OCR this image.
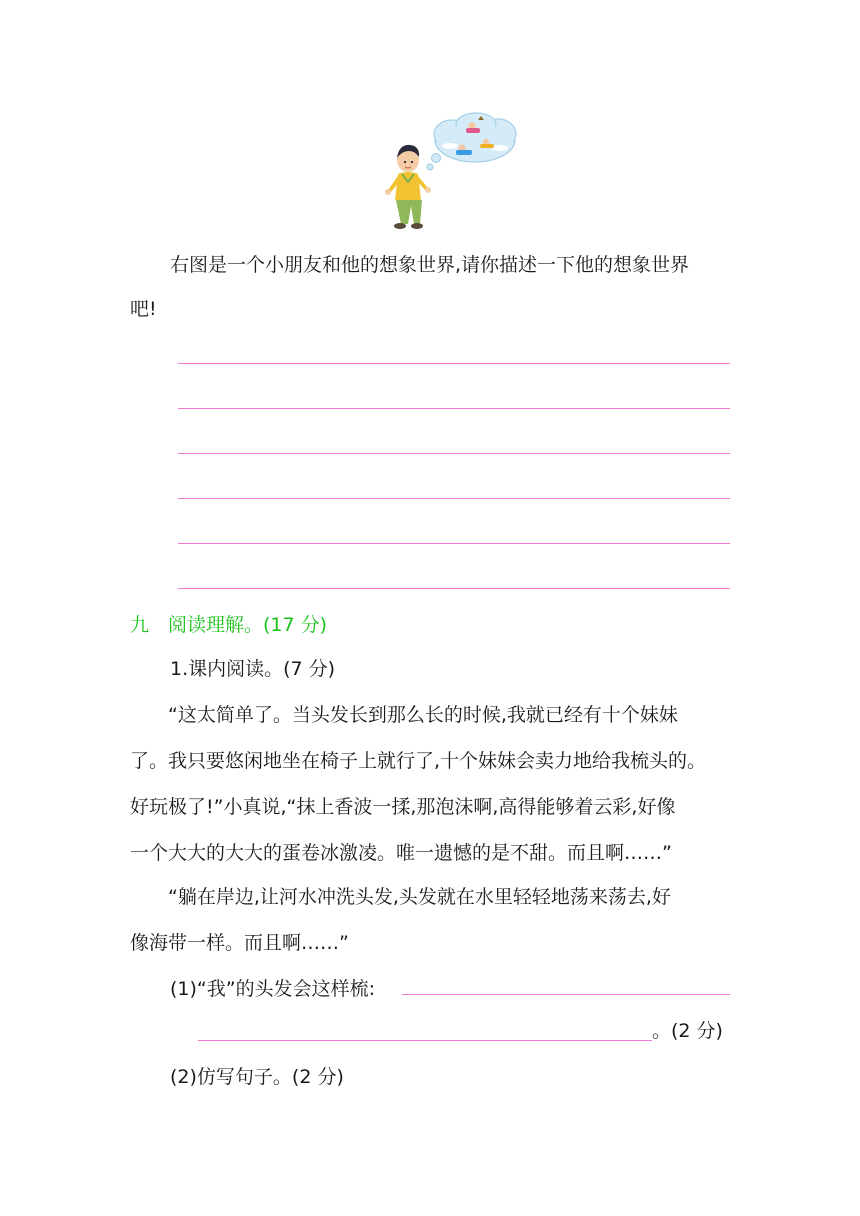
右图是一个小朋友和他的想象世界,请你描述一下他的想象世界
吧!
九　阅读理解。(17 分)
1.课内阅读。(7 分)
“这太简单了。当头发长到那么长的时候,我就已经有十个妹妹
了。我只要悠闲地坐在椅子上就行了,十个妹妹会卖力地给我梳头的。
好玩极了!”小真说,“抹上香波一揉,那泡沫啊,高得能够着云彩,好像
一个大大的大大的蛋卷冰激凌。唯一遗憾的是不甜。而且啊……”
“躺在岸边,让河水冲洗头发,头发就在水里轻轻地荡来荡去,好
像海带一样。而且啊……”
(1)“我”的头发会这样梳:
。(2 分)
(2)仿写句子。(2 分)
